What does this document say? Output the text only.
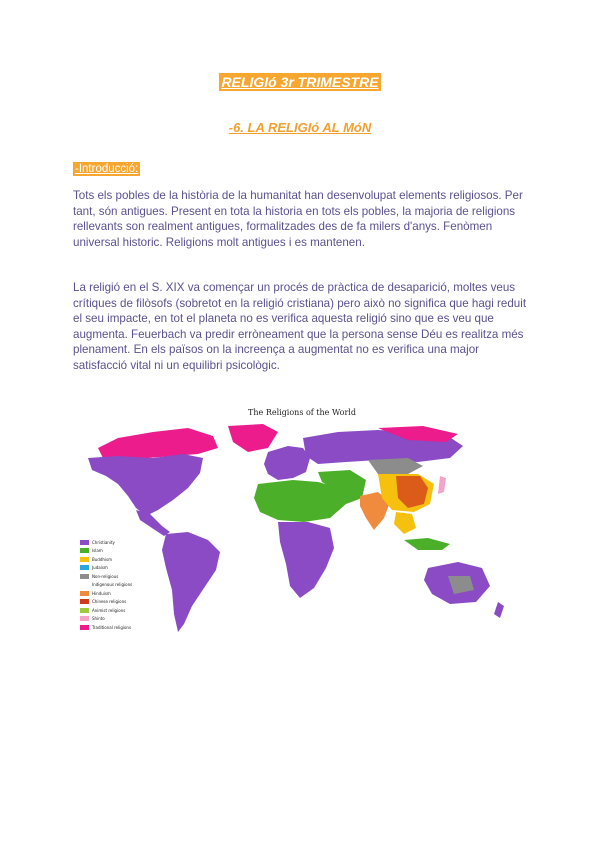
RELIGIó 3r TRIMESTRE
-6. LA RELIGIó AL MóN
-Introducció:

Tots els pobles de la història de la humanitat han desenvolupat elements religiosos. Per tant, són antigues. Present en tota la historia en tots els pobles, la majoria de religions rellevants son realment antigues, formalitzades des de fa milers d'anys. Fenòmen universal historic. Religions molt antigues i es mantenen.

La religió en el S. XIX va començar un procés de pràctica de desaparició, moltes veus crítiques de filòsofs (sobretot en la religió cristiana) pero això no significa que hagi reduit el seu impacte, en tot el planeta no es verifica aquesta religió sino que es veu que augmenta. Feuerbach va predir erròneament que la persona sense Déu es realitza més plenament. En els països on la increença a augmentat no es verifica una major satisfacció vital ni un equilibri psicològic.

The Religions of the World
Christianity
Islam
Buddhism
Judaism
Non-religious
Indigenous religions
Hinduism
Chinese religions
Animist religions
Shinto
Traditional religions
